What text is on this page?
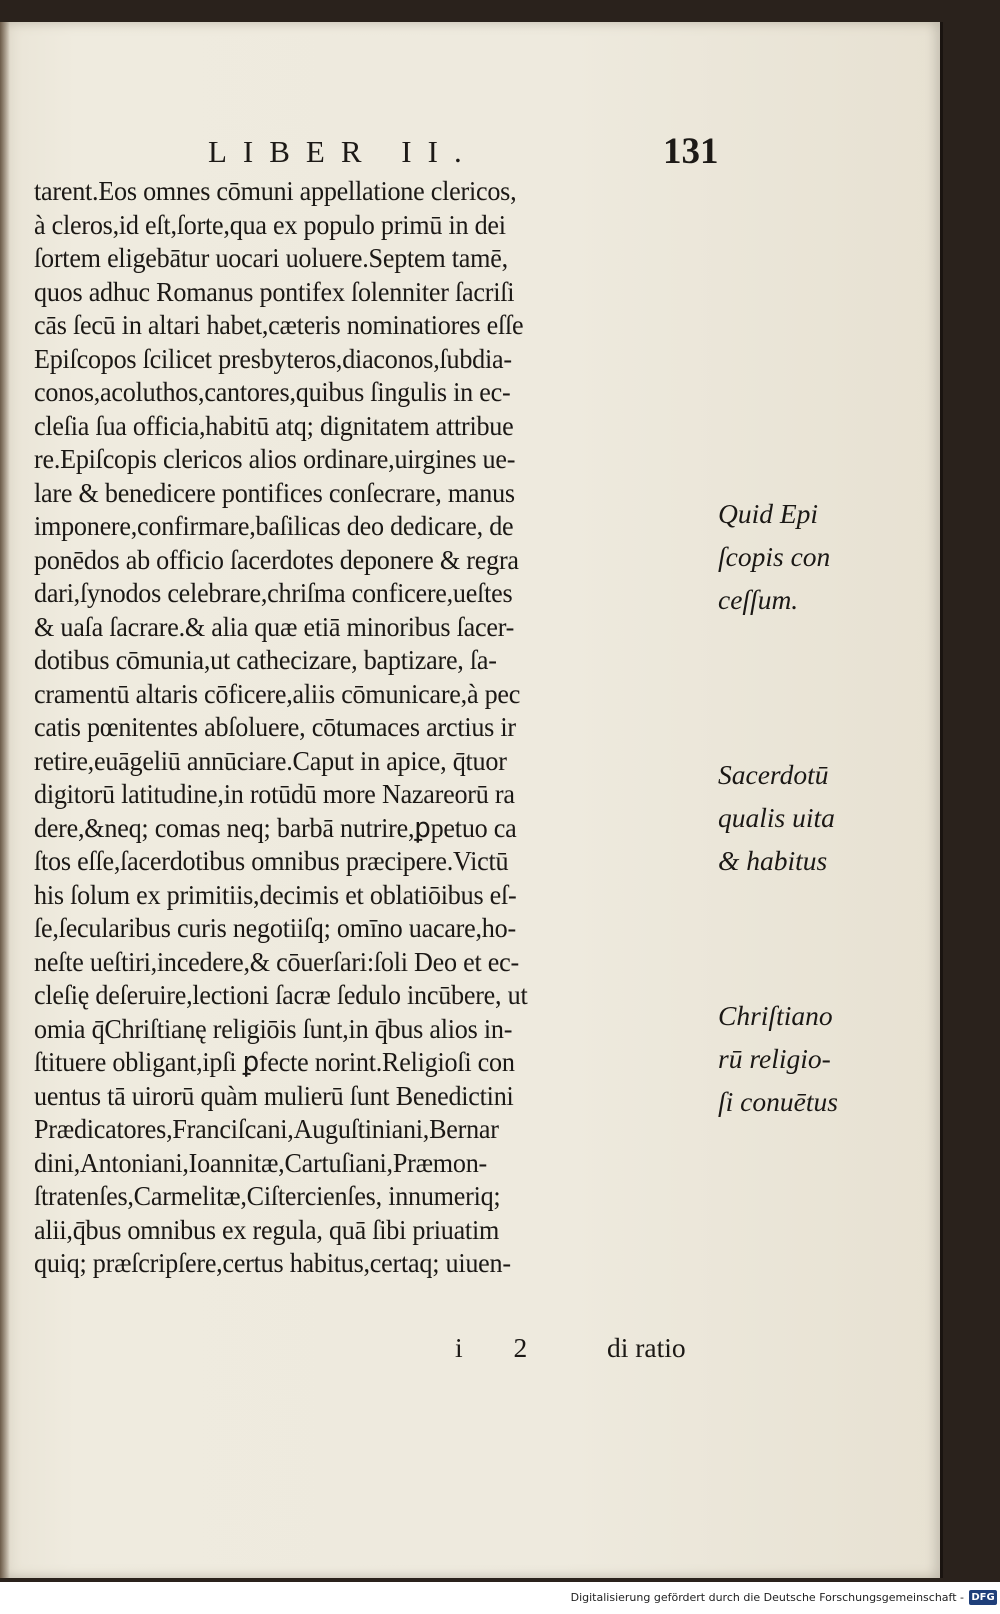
LIBER II.	131
tarent.Eos omnes cōmuni appellatione clericos,
à cleros,id eſt,ſorte,qua ex populo primū in dei
ſortem eligebātur uocari uoluere.Septem tamē,
quos adhuc Romanus pontifex ſolenniter ſacriſi
cās ſecū in altari habet,cæteris nominatiores eſſe
Epiſcopos ſcilicet presbyteros,diaconos,ſubdia-
conos,acoluthos,cantores,quibus ſingulis in ec-
cleſia ſua officia,habitū atq; dignitatem attribue
re.Epiſcopis clericos alios ordinare,uirgines ue-
lare & benedicere pontifices conſecrare, manus
imponere,confirmare,baſilicas deo dedicare, de
ponēdos ab officio ſacerdotes deponere & regra
dari,ſynodos celebrare,chriſma conficere,ueſtes
& uaſa ſacrare.& alia quæ etiā minoribus ſacer-
dotibus cōmunia,ut cathecizare, baptizare, ſa-
cramentū altaris cōficere,aliis cōmunicare,à pec
catis pœnitentes abſoluere, cōtumaces arctius ir
retire,euāgeliū annūciare.Caput in apice, q̄tuor
digitorū latitudine,in rotūdū more Nazareorū ra
dere,&neq; comas neq; barbā nutrire,ꝑpetuo ca
ſtos eſſe,ſacerdotibus omnibus præcipere.Victū
his ſolum ex primitiis,decimis et oblatiōibus eſ-
ſe,ſecularibus curis negotiiſq; omīno uacare,ho-
neſte ueſtiri,incedere,& cōuerſari:ſoli Deo et ec-
cleſię deſeruire,lectioni ſacræ ſedulo incūbere, ut
omia q̄Chriſtianę religiōis ſunt,in q̄bus alios in-
ſtituere obligant,ipſi ꝑfecte norint.Religioſi con
uentus tā uirorū quàm mulierū ſunt Benedictini
Prædicatores,Franciſcani,Auguſtiniani,Bernar
dini,Antoniani,Ioannitæ,Cartuſiani,Præmon-
ſtratenſes,Carmelitæ,Ciſtercienſes, innumeriq;
alii,q̄bus omnibus ex regula, quā ſibi priuatim
quiq; præſcripſere,certus habitus,certaq; uiuen-
Quid Epi
ſcopis con
ceſſum.
Sacerdotū
qualis uita
& habitus
Chriſtiano
rū religio-
ſi conuētus
i 2 di ratio
Digitalisierung gefördert durch die Deutsche Forschungsgemeinschaft - DFG
